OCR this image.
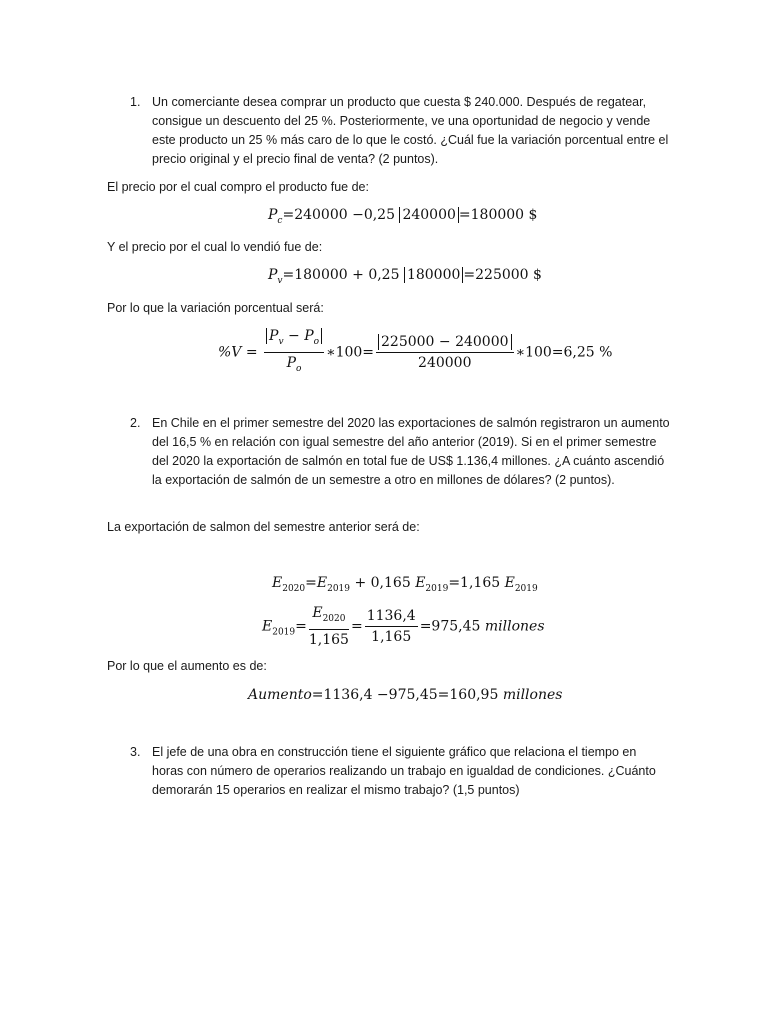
1. Un comerciante desea comprar un producto que cuesta $ 240.000. Después de regatear, consigue un descuento del 25 %. Posteriormente, ve una oportunidad de negocio y vende este producto un 25 % más caro de lo que le costó. ¿Cuál fue la variación porcentual entre el precio original y el precio final de venta? (2 puntos).
El precio por el cual compro el producto fue de:
$P_c=240000 -0,25$ 240000 =180000 $
Y el precio por el cual lo vendió fue de:
$P_v=180000 + 0,25$ 180000 =225000 $
Por lo que la variación porcentual será:
$\%V = \frac{P_v - P_o}{P_o}$ ∗100= $\frac{225000 - 240000}{240000}$ ∗100=6,25 %
2. En Chile en el primer semestre del 2020 las exportaciones de salmón registraron un aumento del 16,5 % en relación con igual semestre del año anterior (2019). Si en el primer semestre del 2020 la exportación de salmón en total fue de US$ 1.136,4 millones. ¿A cuánto ascendió la exportación de salmón de un semestre a otro en millones de dólares? (2 puntos).
La exportación de salmon del semestre anterior será de:
$E_{2020}=E_{2019} + 0,165$ $E_{2019}=1,165$ $E_{2019}$
$E_{2019}= \frac{E_{2020}}{1,165} = \frac{1136,4}{1,165} =975,45$ millones
Por lo que el aumento es de:
Aumento=1136,4 −975,45=160,95 millones
3. El jefe de una obra en construcción tiene el siguiente gráfico que relaciona el tiempo en horas con número de operarios realizando un trabajo en igualdad de condiciones. ¿Cuánto demorarán 15 operarios en realizar el mismo trabajo? (1,5 puntos)
